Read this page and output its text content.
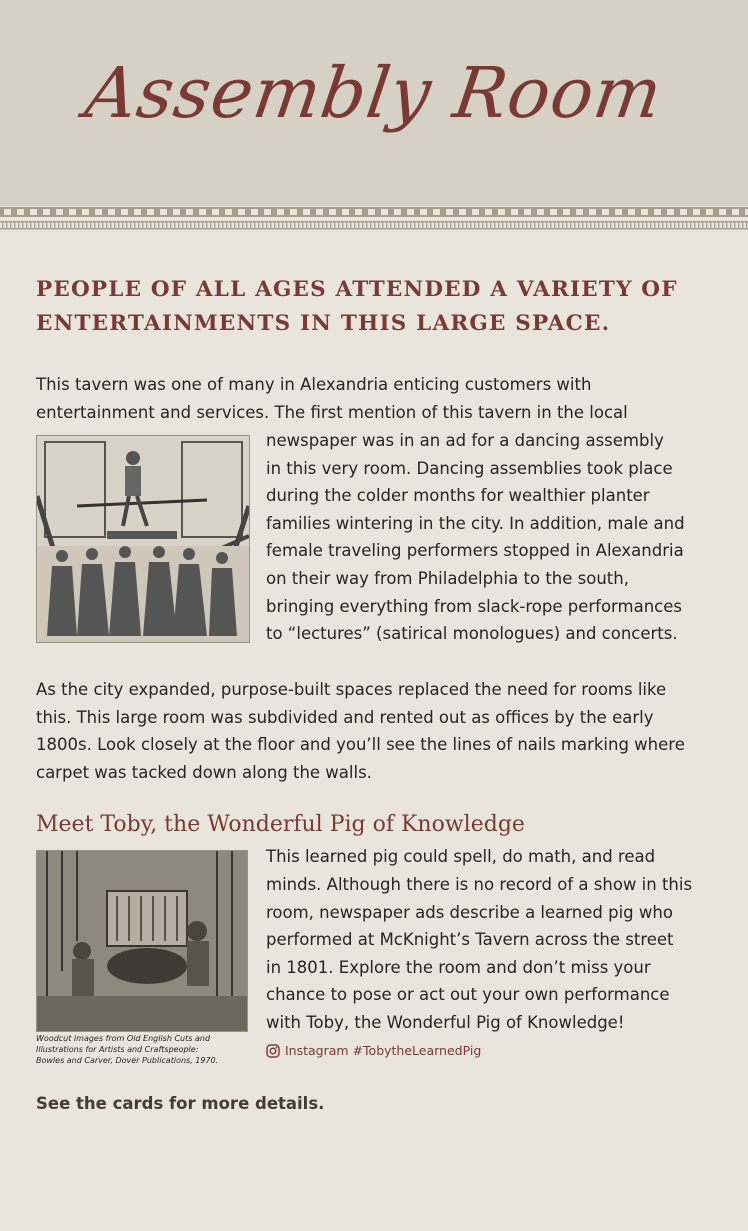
Assembly Room
PEOPLE OF ALL AGES ATTENDED A VARIETY OF ENTERTAINMENTS IN THIS LARGE SPACE.
This tavern was one of many in Alexandria enticing customers with
entertainment and services. The first mention of this tavern in the local
newspaper was in an ad for a dancing assembly
in this very room. Dancing assemblies took place
during the colder months for wealthier planter
families wintering in the city. In addition, male and
female traveling performers stopped in Alexandria
on their way from Philadelphia to the south,
bringing everything from slack-rope performances
to “lectures” (satirical monologues) and concerts.
As the city expanded, purpose-built spaces replaced the need for rooms like
this. This large room was subdivided and rented out as offices by the early
1800s. Look closely at the floor and you’ll see the lines of nails marking where
carpet was tacked down along the walls.
Meet Toby, the Wonderful Pig of Knowledge
Woodcut images from Old English Cuts and
Illustrations for Artists and Craftspeople:
Bowles and Carver, Dover Publications, 1970.
This learned pig could spell, do math, and read
minds. Although there is no record of a show in this
room, newspaper ads describe a learned pig who
performed at McKnight’s Tavern across the street
in 1801. Explore the room and don’t miss your
chance to pose or act out your own performance
with Toby, the Wonderful Pig of Knowledge!
Instagram #TobytheLearnedPig
See the cards for more details.
